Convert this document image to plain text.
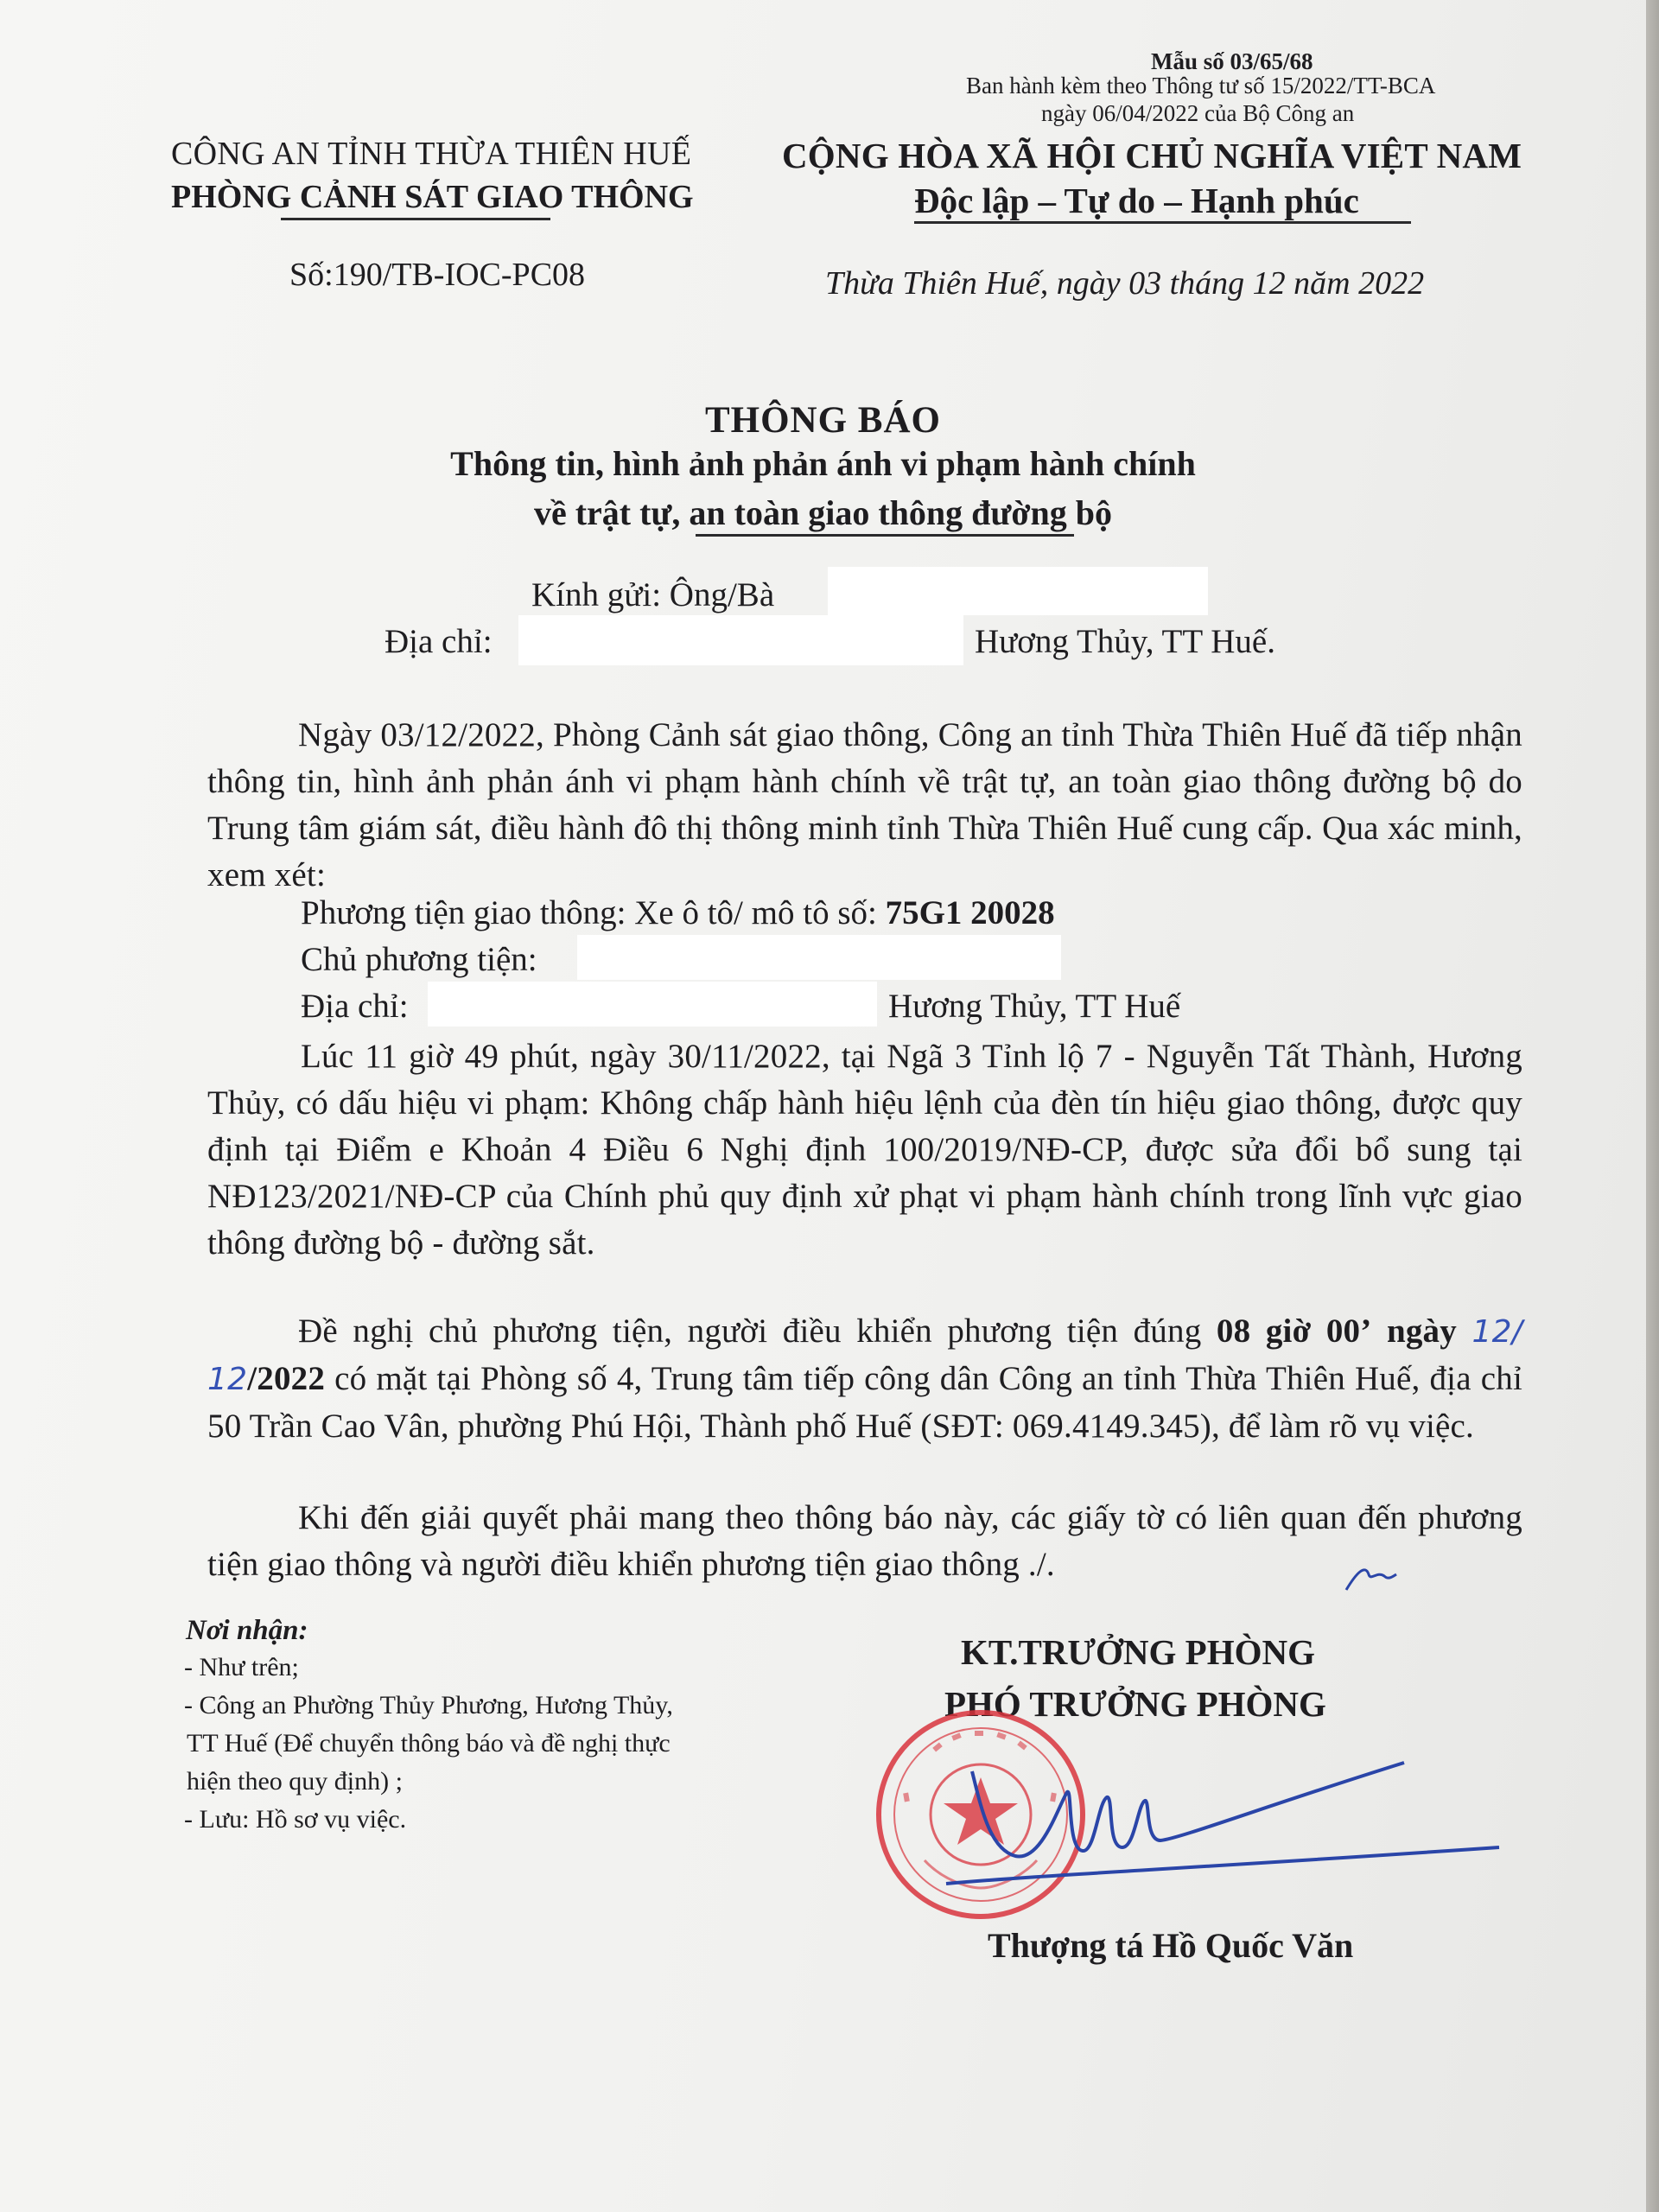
Mẫu số 03/65/68
Ban hành kèm theo Thông tư số 15/2022/TT-BCA
ngày 06/04/2022 của Bộ Công an
CÔNG AN TỈNH THỪA THIÊN HUẾ
PHÒNG CẢNH SÁT GIAO THÔNG
CỘNG HÒA XÃ HỘI CHỦ NGHĨA VIỆT NAM
Độc lập – Tự do – Hạnh phúc
Số:190/TB-IOC-PC08	Thừa Thiên Huế, ngày 03 tháng 12 năm 2022
THÔNG BÁO
Thông tin, hình ảnh phản ánh vi phạm hành chính
về trật tự, an toàn giao thông đường bộ
Kính gửi: Ông/Bà
Địa chỉ:	Hương Thủy, TT Huế.
Ngày 03/12/2022, Phòng Cảnh sát giao thông, Công an tỉnh Thừa Thiên Huế đã tiếp nhận thông tin, hình ảnh phản ánh vi phạm hành chính về trật tự, an toàn giao thông đường bộ do Trung tâm giám sát, điều hành đô thị thông minh tỉnh Thừa Thiên Huế cung cấp. Qua xác minh, xem xét:
Phương tiện giao thông: Xe ô tô/ mô tô số: 75G1 20028
Chủ phương tiện:
Địa chỉ:	Hương Thủy, TT Huế
Lúc 11 giờ 49 phút, ngày 30/11/2022, tại Ngã 3 Tỉnh lộ 7 - Nguyễn Tất Thành, Hương Thủy, có dấu hiệu vi phạm: Không chấp hành hiệu lệnh của đèn tín hiệu giao thông, được quy định tại Điểm e Khoản 4 Điều 6 Nghị định 100/2019/NĐ-CP, được sửa đổi bổ sung tại NĐ123/2021/NĐ-CP của Chính phủ quy định xử phạt vi phạm hành chính trong lĩnh vực giao thông đường bộ - đường sắt.
Đề nghị chủ phương tiện, người điều khiển phương tiện đúng 08 giờ 00’ ngày 12/ 12/2022 có mặt tại Phòng số 4, Trung tâm tiếp công dân Công an tỉnh Thừa Thiên Huế, địa chỉ 50 Trần Cao Vân, phường Phú Hội, Thành phố Huế (SĐT: 069.4149.345), để làm rõ vụ việc.
Khi đến giải quyết phải mang theo thông báo này, các giấy tờ có liên quan đến phương tiện giao thông và người điều khiển phương tiện giao thông ./.
Nơi nhận:
- Như trên;
- Công an Phường Thủy Phương, Hương Thủy,
TT Huế (Để chuyển thông báo và đề nghị thực
hiện theo quy định) ;
- Lưu: Hồ sơ vụ việc.
KT.TRƯỞNG PHÒNG
PHÓ TRƯỞNG PHÒNG
Thượng tá Hồ Quốc Văn
